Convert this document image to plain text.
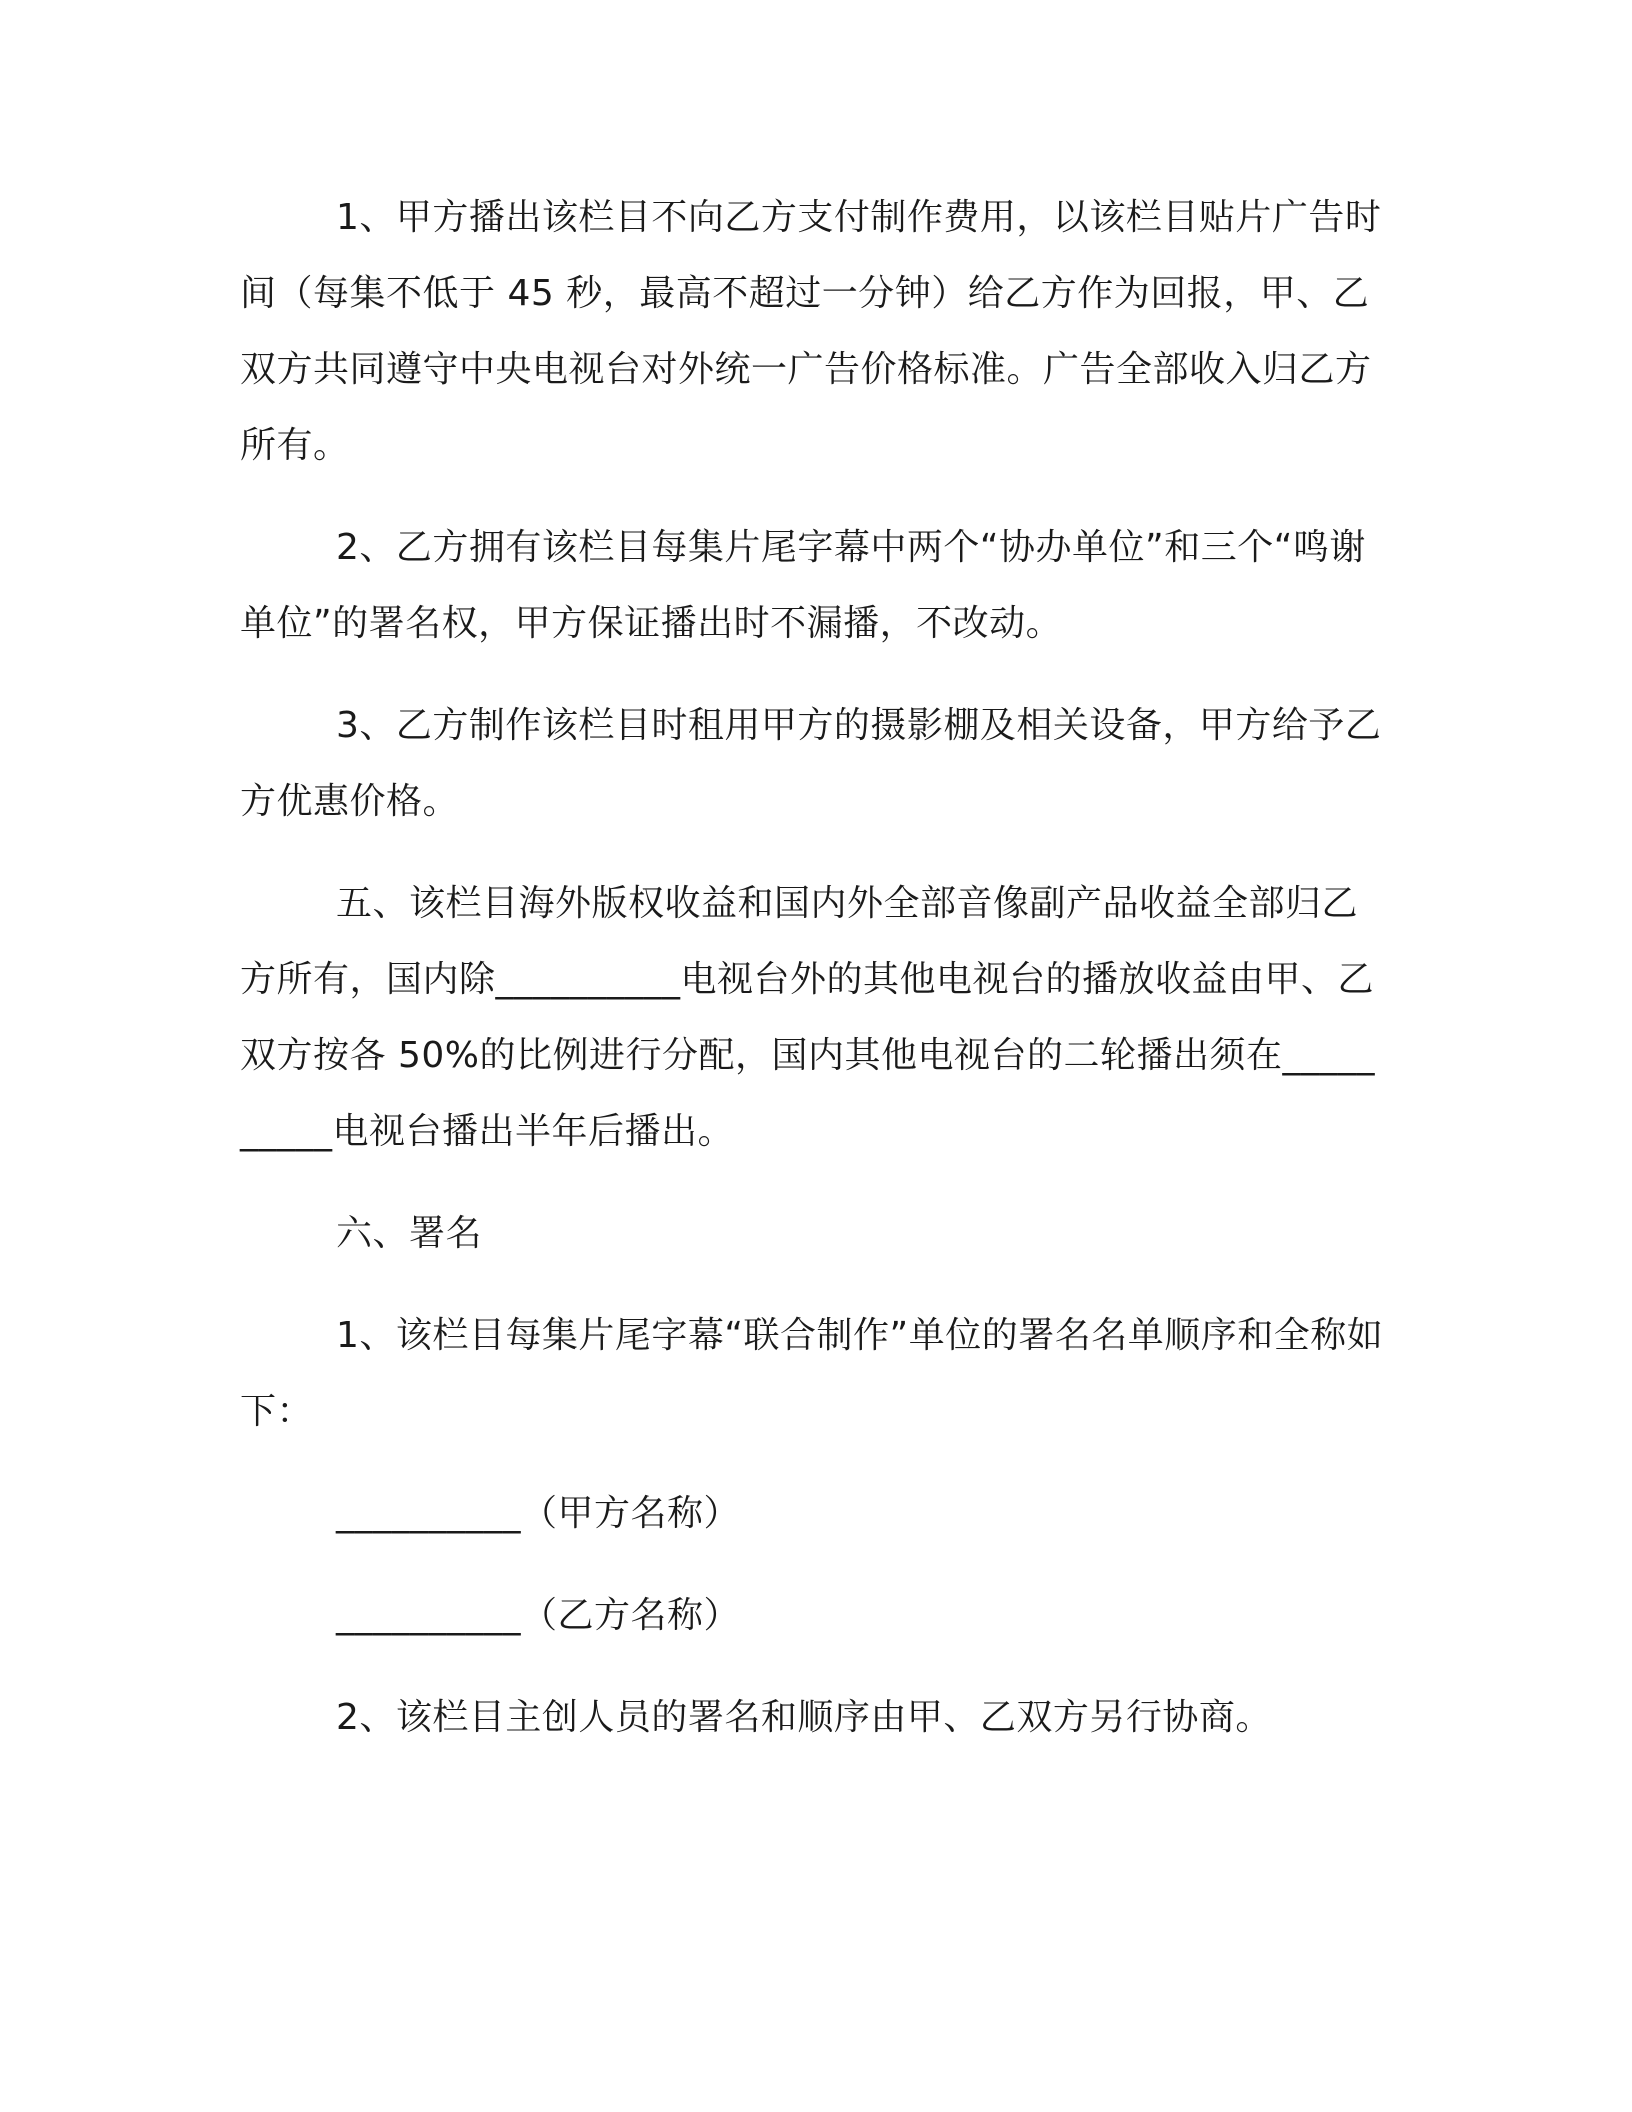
1、甲方播出该栏目不向乙方支付制作费用，以该栏目贴片广告时间（每集不低于 45 秒，最高不超过一分钟）给乙方作为回报，甲、乙双方共同遵守中央电视台对外统一广告价格标准。广告全部收入归乙方所有。

2、乙方拥有该栏目每集片尾字幕中两个“协办单位”和三个“鸣谢单位”的署名权，甲方保证播出时不漏播，不改动。

3、乙方制作该栏目时租用甲方的摄影棚及相关设备，甲方给予乙方优惠价格。

五、该栏目海外版权收益和国内外全部音像副产品收益全部归乙方所有，国内除__________电视台外的其他电视台的播放收益由甲、乙双方按各 50%的比例进行分配，国内其他电视台的二轮播出须在__________电视台播出半年后播出。

六、署名

1、该栏目每集片尾字幕“联合制作”单位的署名名单顺序和全称如下：

__________（甲方名称）

__________（乙方名称）

2、该栏目主创人员的署名和顺序由甲、乙双方另行协商。
